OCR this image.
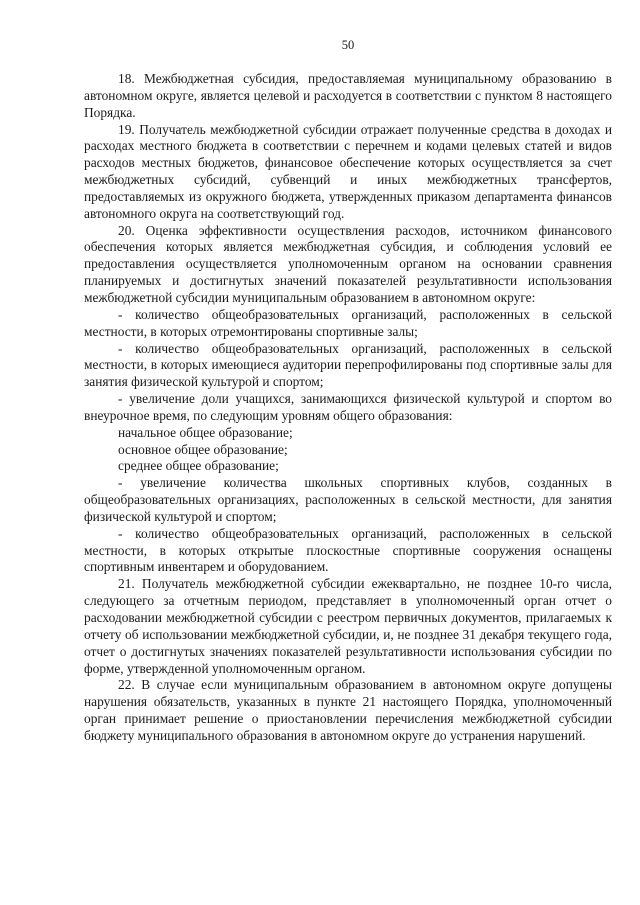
50

18. Межбюджетная субсидия, предоставляемая муниципальному образованию в автономном округе, является целевой и расходуется в соответствии с пунктом 8 настоящего Порядка.

19. Получатель межбюджетной субсидии отражает полученные средства в доходах и расходах местного бюджета в соответствии с перечнем и кодами целевых статей и видов расходов местных бюджетов, финансовое обеспечение которых осуществляется за счет межбюджетных субсидий, субвенций и иных межбюджетных трансфертов, предоставляемых из окружного бюджета, утвержденных приказом департамента финансов автономного округа на соответствующий год.

20. Оценка эффективности осуществления расходов, источником финансового обеспечения которых является межбюджетная субсидия, и соблюдения условий ее предоставления осуществляется уполномоченным органом на основании сравнения планируемых и достигнутых значений показателей результативности использования межбюджетной субсидии муниципальным образованием в автономном округе:

- количество общеобразовательных организаций, расположенных в сельской местности, в которых отремонтированы спортивные залы;

- количество общеобразовательных организаций, расположенных в сельской местности, в которых имеющиеся аудитории перепрофилированы под спортивные залы для занятия физической культурой и спортом;

- увеличение доли учащихся, занимающихся физической культурой и спортом во внеурочное время, по следующим уровням общего образования:

начальное общее образование;

основное общее образование;

среднее общее образование;

- увеличение количества школьных спортивных клубов, созданных в общеобразовательных организациях, расположенных в сельской местности, для занятия физической культурой и спортом;

- количество общеобразовательных организаций, расположенных в сельской местности, в которых открытые плоскостные спортивные сооружения оснащены спортивным инвентарем и оборудованием.

21. Получатель межбюджетной субсидии ежеквартально, не позднее 10-го числа, следующего за отчетным периодом, представляет в уполномоченный орган отчет о расходовании межбюджетной субсидии с реестром первичных документов, прилагаемых к отчету об использовании межбюджетной субсидии, и, не позднее 31 декабря текущего года, отчет о достигнутых значениях показателей результативности использования субсидии по форме, утвержденной уполномоченным органом.

22. В случае если муниципальным образованием в автономном округе допущены нарушения обязательств, указанных в пункте 21 настоящего Порядка, уполномоченный орган принимает решение о приостановлении перечисления межбюджетной субсидии бюджету муниципального образования в автономном округе до устранения нарушений.
